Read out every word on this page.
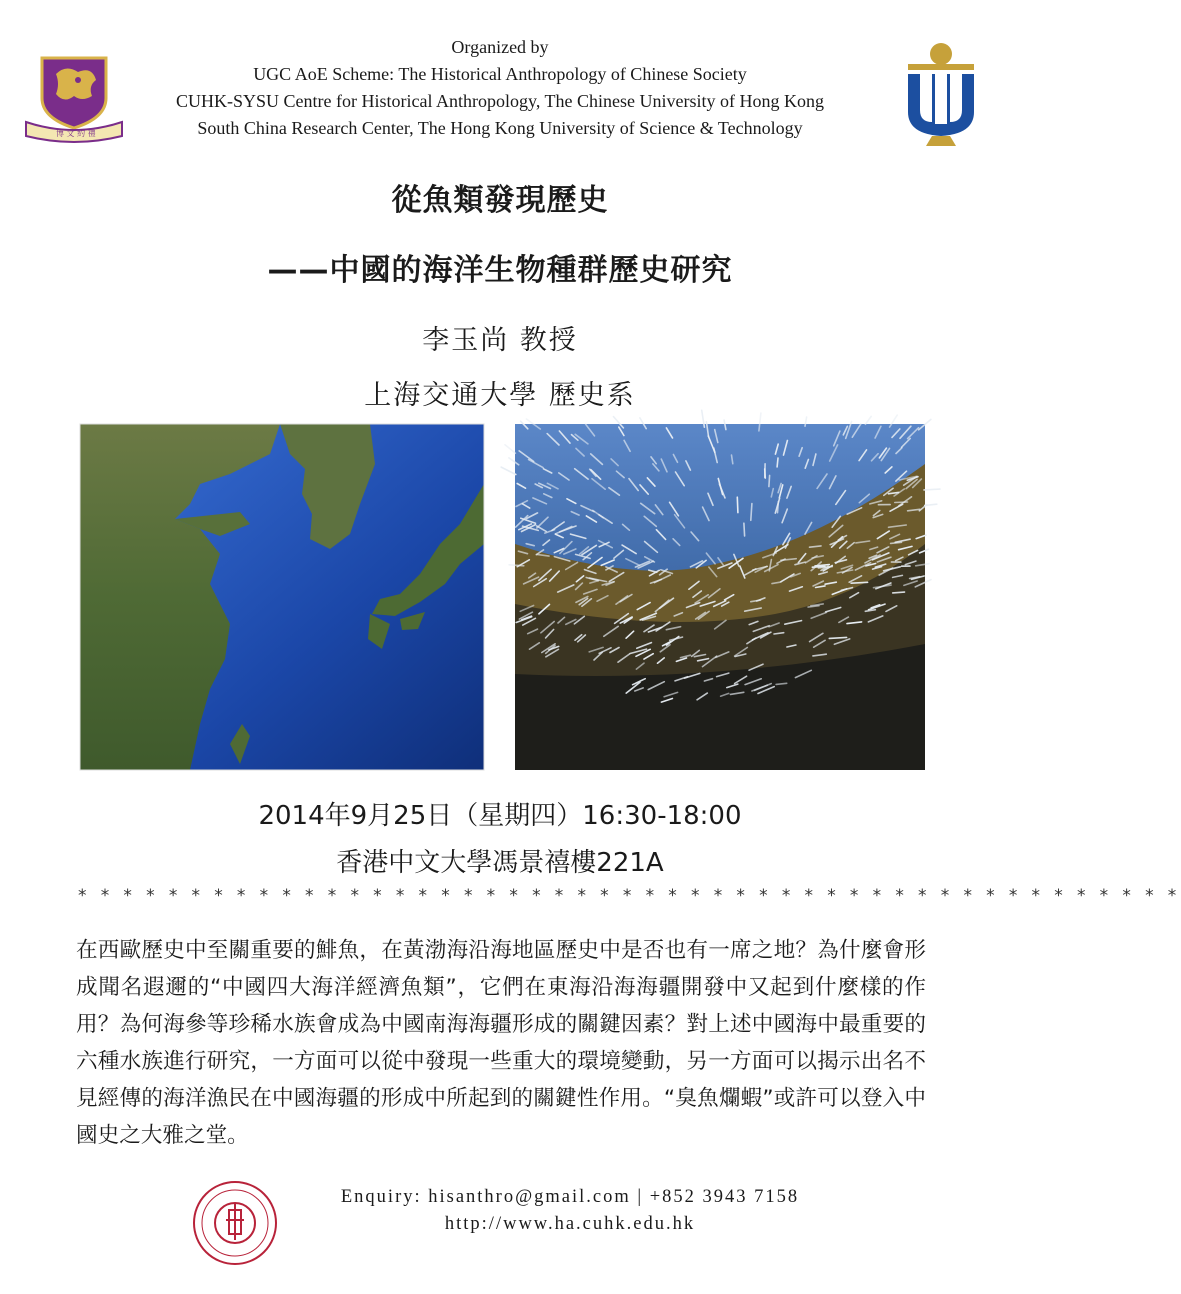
博 文 約 禮
Organized by
UGC AoE Scheme: The Historical Anthropology of Chinese Society
CUHK-SYSU Centre for Historical Anthropology, The Chinese University of Hong Kong
South China Research Center, The Hong Kong University of Science & Technology
從魚類發現歷史
——中國的海洋生物種群歷史研究
李玉尚 教授
上海交通大學 歷史系
2014年9月25日（星期四）16:30-18:00
香港中文大學馮景禧樓221A
* * * * * * * * * * * * * * * * * * * * * * * * * * * * * * * * * * * * * * * * * * * * * * * * *
在西歐歷史中至關重要的鯡魚，在黃渤海沿海地區歷史中是否也有一席之地？為什麼會形成聞名遐邇的“中國四大海洋經濟魚類”，它們在東海沿海海疆開發中又起到什麼樣的作用？為何海參等珍稀水族會成為中國南海海疆形成的關鍵因素？對上述中國海中最重要的六種水族進行研究，一方面可以從中發現一些重大的環境變動，另一方面可以揭示出名不見經傳的海洋漁民在中國海疆的形成中所起到的關鍵性作用。“臭魚爛蝦”或許可以登入中國史之大雅之堂。
Enquiry: hisanthro@gmail.com | +852 3943 7158
http://www.ha.cuhk.edu.hk
